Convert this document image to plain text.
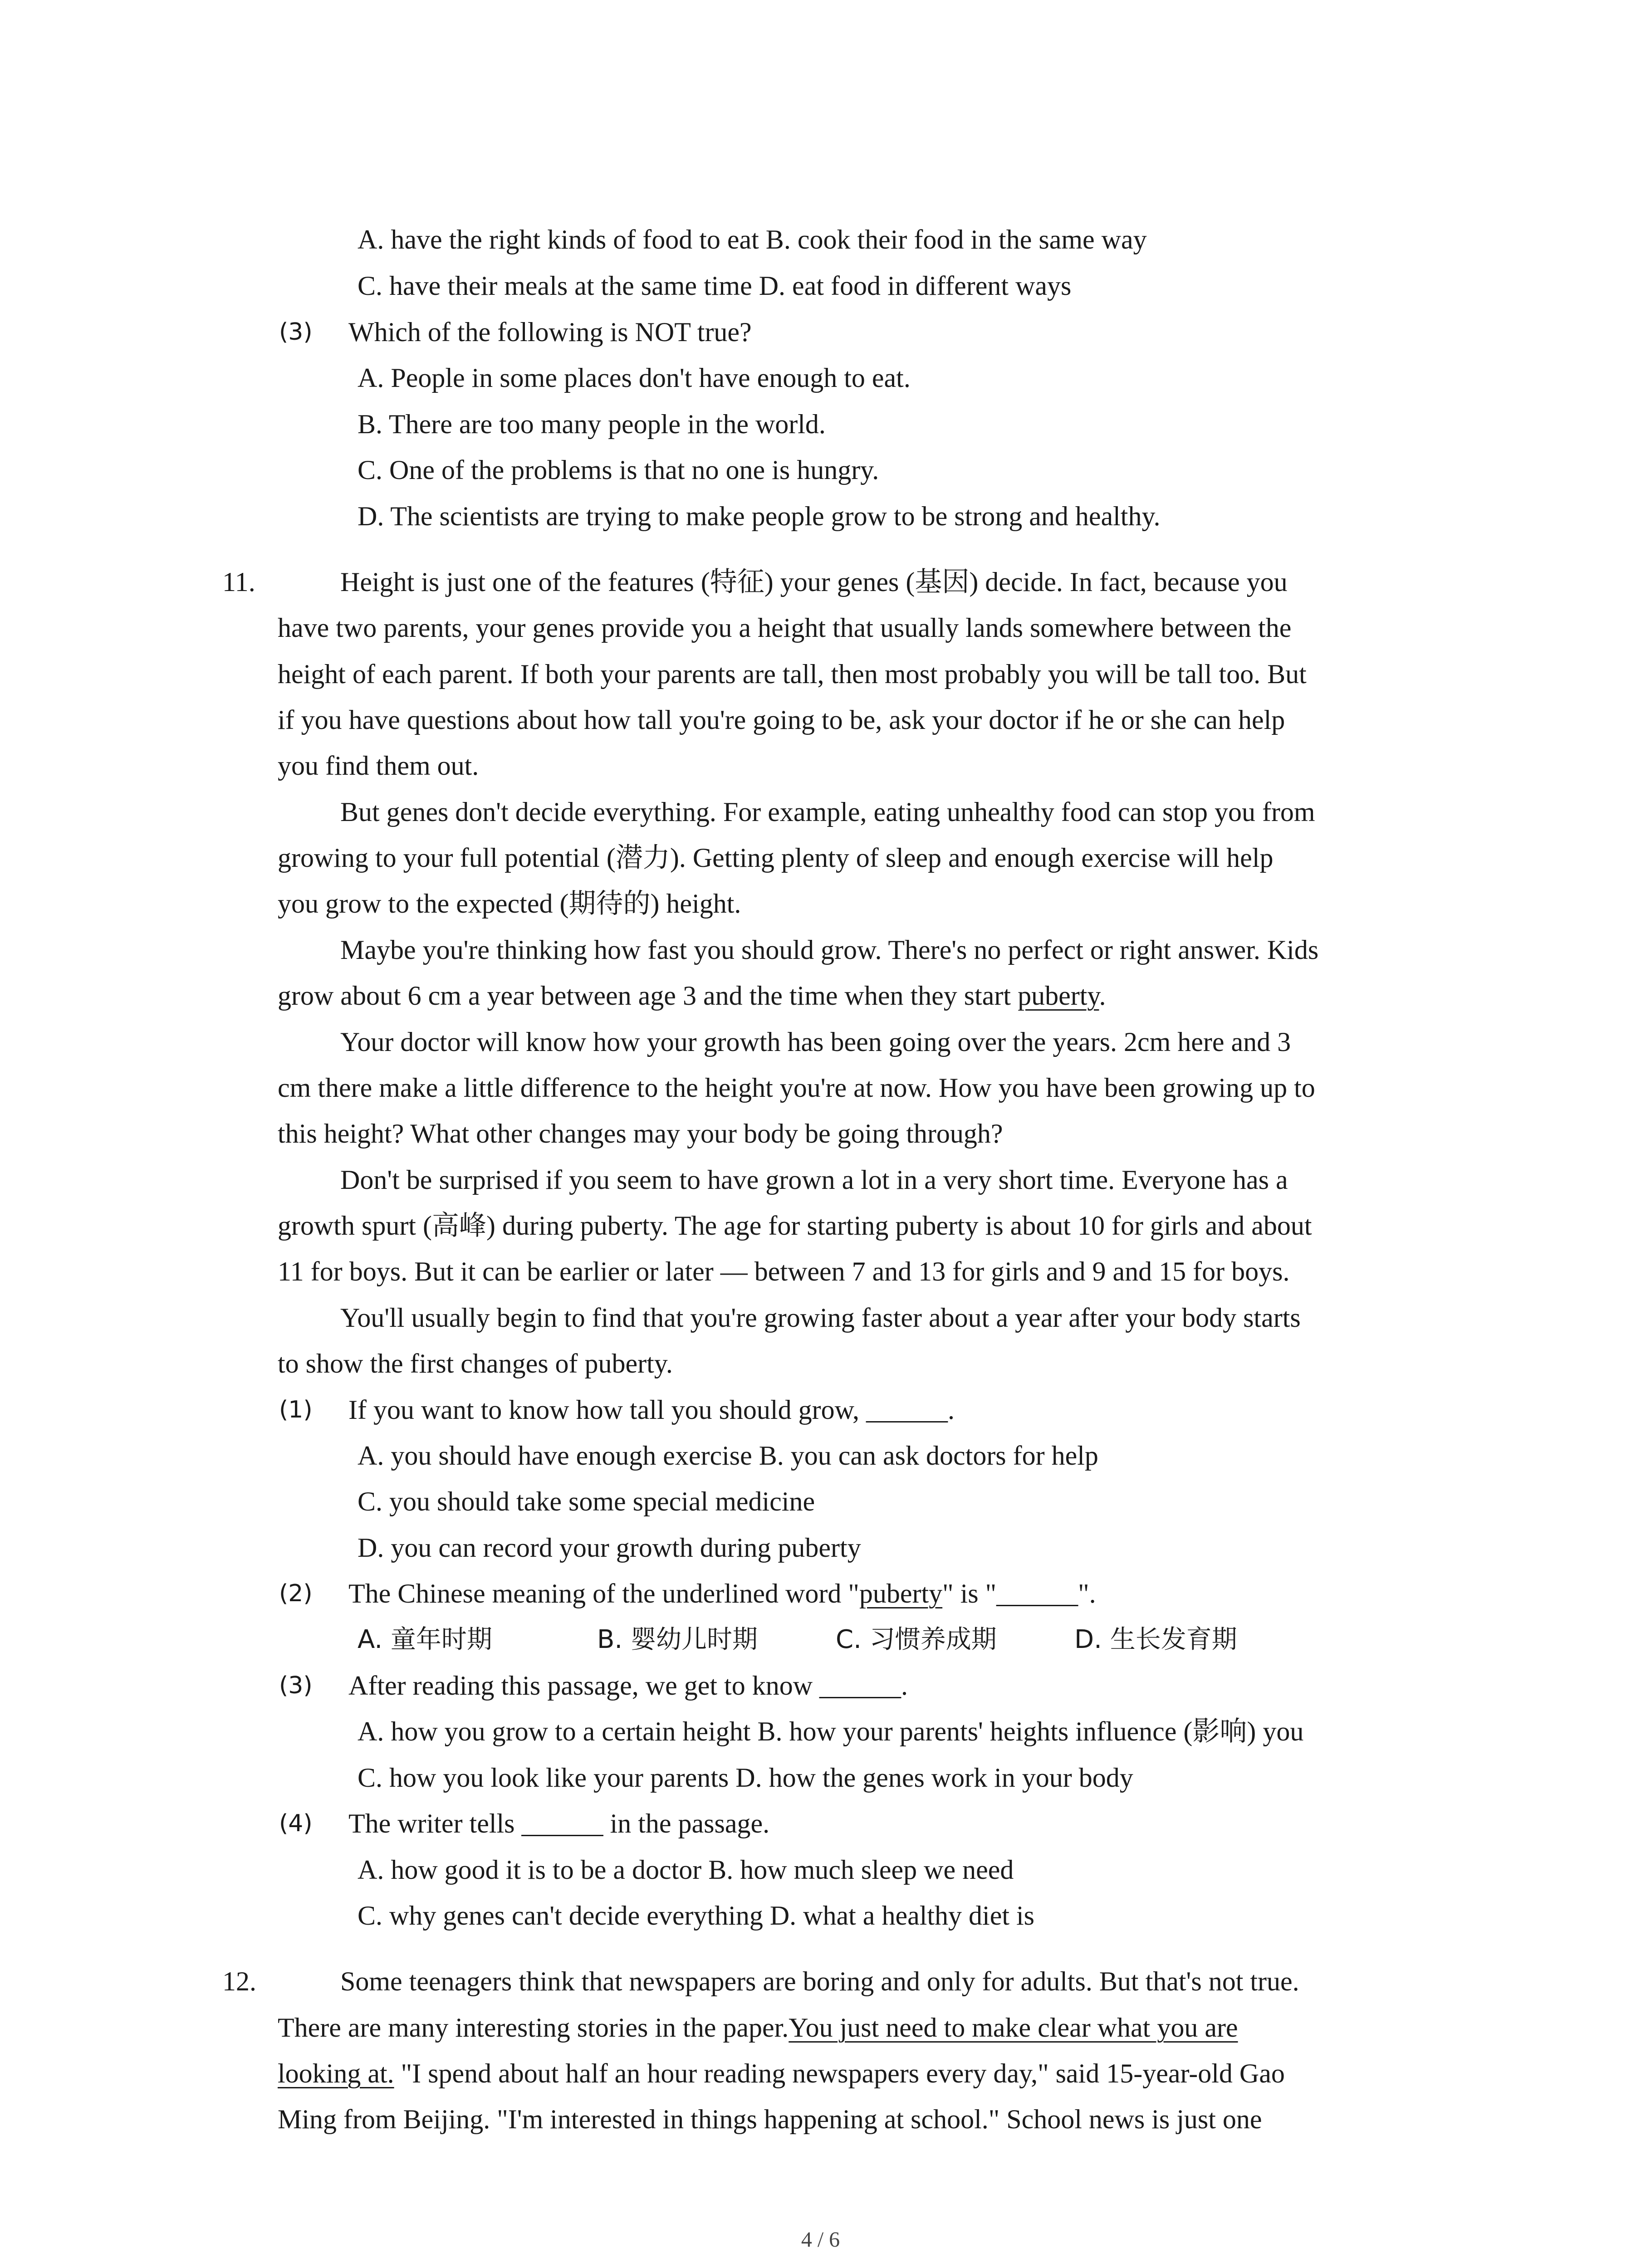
A. have the right kinds of food to eat B. cook their food in the same way
C. have their meals at the same time D. eat food in different ways
(3) Which of the following is NOT true?
A. People in some places don't have enough to eat.
B. There are too many people in the world.
C. One of the problems is that no one is hungry.
D. The scientists are trying to make people grow to be strong and healthy.
11.	Height is just one of the features (特征) your genes (基因) decide. In fact, because you
have two parents, your genes provide you a height that usually lands somewhere between the
height of each parent. If both your parents are tall, then most probably you will be tall too. But
if you have questions about how tall you're going to be, ask your doctor if he or she can help
you find them out.
But genes don't decide everything. For example, eating unhealthy food can stop you from
growing to your full potential (潜力). Getting plenty of sleep and enough exercise will help
you grow to the expected (期待的) height.
Maybe you're thinking how fast you should grow. There's no perfect or right answer. Kids
grow about 6 cm a year between age 3 and the time when they start puberty.
Your doctor will know how your growth has been going over the years. 2cm here and 3
cm there make a little difference to the height you're at now. How you have been growing up to
this height? What other changes may your body be going through?
Don't be surprised if you seem to have grown a lot in a very short time. Everyone has a
growth spurt (高峰) during puberty. The age for starting puberty is about 10 for girls and about
11 for boys. But it can be earlier or later — between 7 and 13 for girls and 9 and 15 for boys.
You'll usually begin to find that you're growing faster about a year after your body starts
to show the first changes of puberty.
(1) If you want to know how tall you should grow, ______.
A. you should have enough exercise B. you can ask doctors for help
C. you should take some special medicine
D. you can record your growth during puberty
(2) The Chinese meaning of the underlined word "puberty" is "______".
A. 童年时期	B. 婴幼儿时期	C. 习惯养成期	D. 生长发育期
(3) After reading this passage, we get to know ______.
A. how you grow to a certain height B. how your parents' heights influence (影响) you
C. how you look like your parents D. how the genes work in your body
(4) The writer tells ______ in the passage.
A. how good it is to be a doctor B. how much sleep we need
C. why genes can't decide everything D. what a healthy diet is
12.	Some teenagers think that newspapers are boring and only for adults. But that's not true.
There are many interesting stories in the paper.You just need to make clear what you are
looking at. "I spend about half an hour reading newspapers every day," said 15-year-old Gao
Ming from Beijing. "I'm interested in things happening at school." School news is just one
4 / 6
